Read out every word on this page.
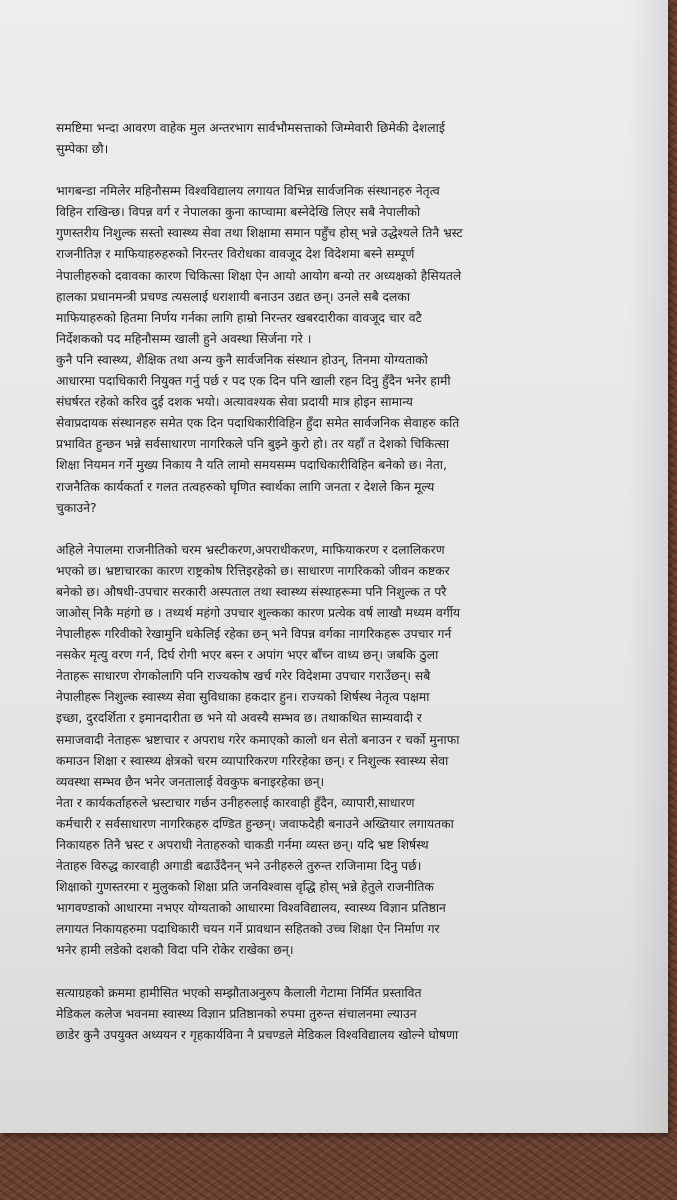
समष्टिमा भन्दा आवरण वाहेक मुल अन्तरभाग सार्वभौमसत्ताको जिम्मेवारी छिमेकी देशलाई
सुम्पेका छौ।
भागबन्डा नमिलेर महिनौसम्म विश्वविद्यालय लगायत विभिन्न सार्वजनिक संस्थानहरु नेतृत्व
विहिन राखिन्छ। विपन्न वर्ग र नेपालका कुना काप्चामा बस्नेदेखि लिएर सबै नेपालीको
गुणस्तरीय निशुल्क सस्तो स्वास्थ्य सेवा तथा शिक्षामा समान पहुँच होस् भन्ने उद्धेश्यले तिनै भ्रस्ट
राजनीतिज्ञ र माफियाहरुहरुको निरन्तर विरोधका वावजूद देश विदेशमा बस्ने सम्पूर्ण
नेपालीहरुको दवावका कारण चिकित्सा शिक्षा ऐन आयो आयोग बन्यो तर अध्यक्षको हैसियतले
हालका प्रधानमन्त्री प्रचण्ड त्यसलाई धराशायी बनाउन उद्यत छन्। उनले सबै दलका
माफियाहरुको हितमा निर्णय गर्नका लागि हाम्रो निरन्तर खबरदारीका वावजूद चार वटै
निर्देशकको पद महिनौसम्म खाली हुने अवस्था सिर्जना गरे ।
कुनै पनि स्वास्थ्य, शैक्षिक तथा अन्य कुनै सार्वजनिक संस्थान होउन्, तिनमा योग्यताको
आधारमा पदाधिकारी नियुक्त गर्नु पर्छ र पद एक दिन पनि खाली रहन दिनु हुँदैन भनेर हामी
संघर्षरत रहेको करिव दुई दशक भयो। अत्यावश्यक सेवा प्रदायी मात्र होइन सामान्य
सेवाप्रदायक संस्थानहरु समेत एक दिन पदाधिकारीविहिन हुँदा समेत सार्वजनिक सेवाहरु कति
प्रभावित हुन्छन भन्ने सर्वसाधारण नागरिकले पनि बुझ्ने कुरो हो। तर यहाँ त देशको चिकित्सा
शिक्षा नियमन गर्ने मुख्य निकाय नै यति लामो समयसम्म पदाधिकारीविहिन बनेको छ। नेता,
राजनैतिक कार्यकर्ता र गलत तत्वहरुको घृणित स्वार्थका लागि जनता र देशले किन मूल्य
चुकाउने?
अहिले नेपालमा राजनीतिको चरम भ्रस्टीकरण,अपराधीकरण, माफियाकरण र दलालिकरण
भएको छ। भ्रष्टाचारका कारण राष्ट्रकोष रित्तिइरहेको छ। साधारण नागरिकको जीवन कष्टकर
बनेको छ। औषधी-उपचार सरकारी अस्पताल तथा स्वास्थ्य संस्थाहरूमा पनि निशुल्क त परै
जाओस् निकै महंगो छ । तथ्यर्थ महंगो उपचार शुल्कका कारण प्रत्येक वर्ष लाखौ मध्यम वर्गीय
नेपालीहरू गरिवीको रेखामुनि धकेलिई रहेका छन् भने विपन्न वर्गका नागरिकहरू उपचार गर्न
नसकेर मृत्यु वरण गर्न, दिर्घ रोगी भएर बस्न र अपांग भएर बाँच्न वाध्य छन्। जबकि ठुला
नेताहरू साधारण रोगकोलागि पनि राज्यकोष खर्च गरेर विदेशमा उपचार गराउँछन्। सबै
नेपालीहरू निशुल्क स्वास्थ्य सेवा सुविधाका हकदार हुन। राज्यको शिर्षस्थ नेतृत्व पक्षमा
इच्छा, दुरदर्शिता र इमानदारीता छ भने यो अवस्यै सम्भव छ। तथाकथित साम्यवादी र
समाजवादी नेताहरू भ्रष्टाचार र अपराध गरेर कमाएको कालो धन सेतो बनाउन र चर्को मुनाफा
कमाउन शिक्षा र स्वास्थ्य क्षेत्रको चरम व्यापारिकरण गरिरहेका छन्। र निशुल्क स्वास्थ्य सेवा
व्यवस्था सम्भव छैन भनेर जनतालाई वेवकुफ बनाइरहेका छन्।
नेता र कार्यकर्ताहरुले भ्रस्टाचार गर्छन उनीहरुलाई कारवाही हुँदैन, व्यापारी,साधारण
कर्मचारी र सर्वसाधारण नागरिकहरु दण्डित हुन्छन्। जवाफदेही बनाउने अख्तियार लगायतका
निकायहरु तिनै भ्रस्ट र अपराधी नेताहरुको चाकडी गर्नमा व्यस्त छन्। यदि भ्रष्ट शिर्षस्थ
नेताहरु विरुद्ध कारवाही अगाडी बढाउँदैनन् भने उनीहरुले तुरुन्त राजिनामा दिनु पर्छ।
शिक्षाको गुणस्तरमा र मुलुकको शिक्षा प्रति जनविश्वास वृद्धि होस् भन्ने हेतुले राजनीतिक
भागवण्डाको आधारमा नभएर योग्यताको आधारमा विश्वविद्यालय, स्वास्थ्य विज्ञान प्रतिष्ठान
लगायत निकायहरुमा पदाधिकारी चयन गर्ने प्रावधान सहितको उच्च शिक्षा ऐन निर्माण गर
भनेर हामी लडेको दशकौ विदा पनि रोकेर राखेका छन्।
सत्याग्रहको क्रममा हामीसित भएको सम्झौताअनुरुप कैलाली गेटामा निर्मित प्रस्तावित
मेडिकल कलेज भवनमा स्वास्थ्य विज्ञान प्रतिष्ठानको रुपमा तुरुन्त संचालनमा ल्याउन
छाडेर कुनै उपयुक्त अध्ययन र गृहकार्यविना नै प्रचण्डले मेडिकल विश्वविद्यालय खोल्ने घोषणा
